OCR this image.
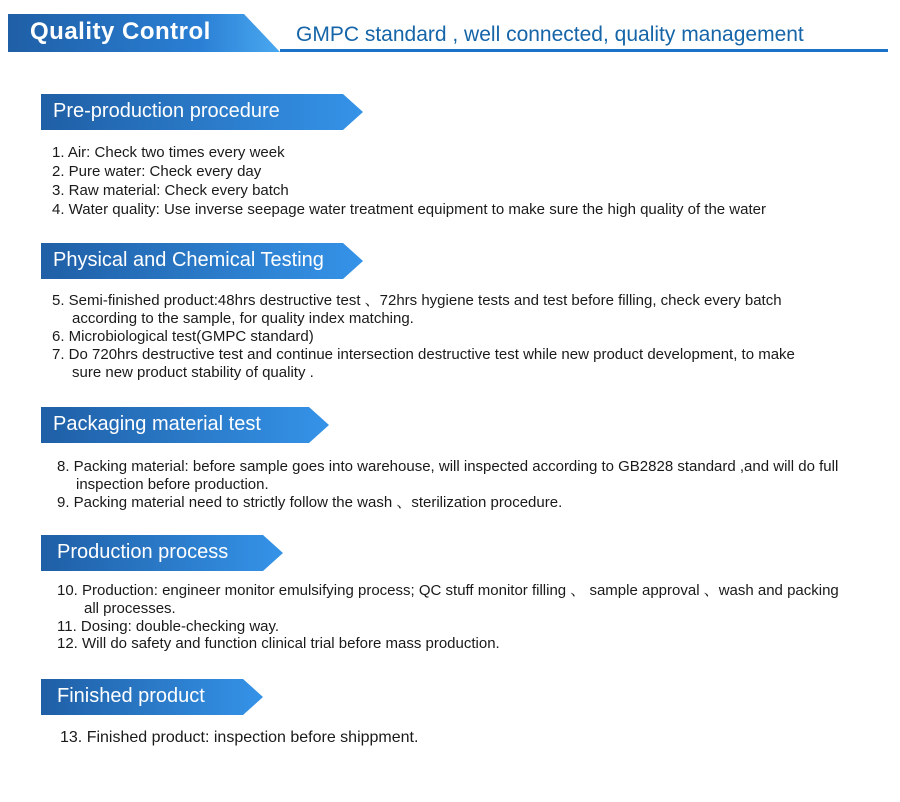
Quality Control	GMPC standard , well connected, quality management
Pre-production procedure
1. Air: Check two times every week
2. Pure water: Check every day
3. Raw material: Check every batch
4. Water quality: Use inverse seepage water treatment equipment to make sure the high quality of the water
Physical and Chemical Testing
5. Semi-finished product:48hrs destructive test 、72hrs hygiene tests and test before filling, check every batch
according to the sample, for quality index matching.
6. Microbiological test(GMPC standard)
7. Do 720hrs destructive test and continue intersection destructive test while new product development, to make
sure new product stability of quality .
Packaging material test
8. Packing material: before sample goes into warehouse, will inspected according to GB2828 standard ,and will do full
inspection before production.
9. Packing material need to strictly follow the wash 、sterilization procedure.
Production process
10. Production: engineer monitor emulsifying process; QC stuff monitor filling 、 sample approval 、wash and packing
all processes.
11. Dosing: double-checking way.
12. Will do safety and function clinical trial before mass production.
Finished product
13. Finished product: inspection before shippment.
